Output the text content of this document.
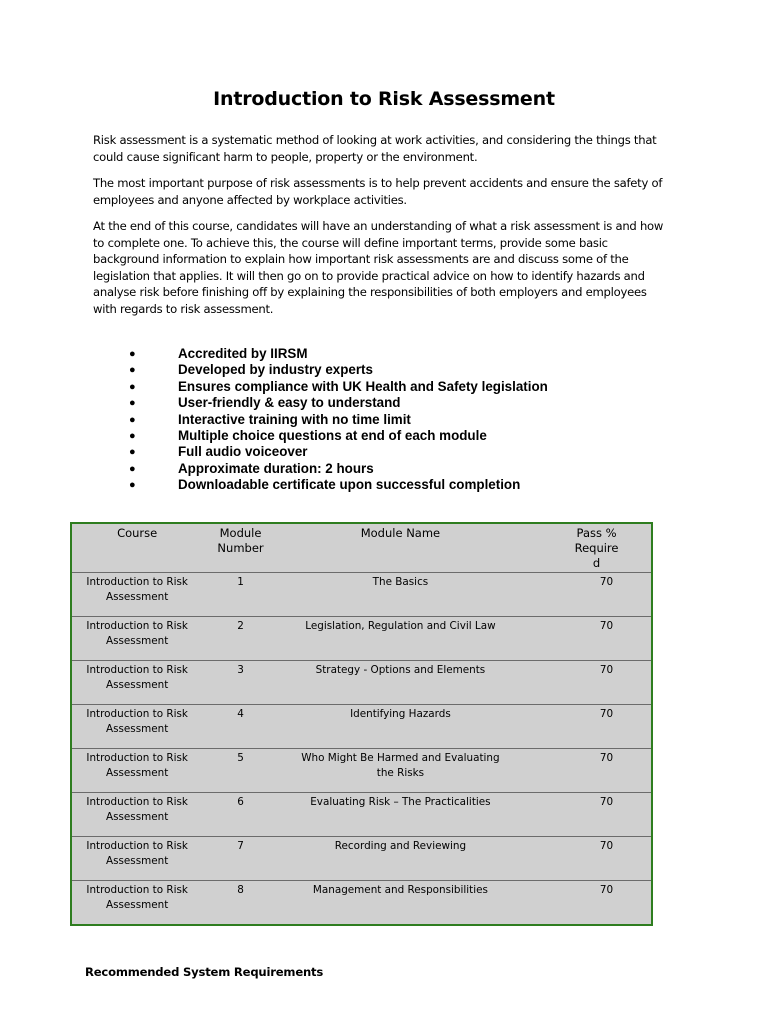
Introduction to Risk Assessment
Risk assessment is a systematic method of looking at work activities, and considering the things that could cause significant harm to people, property or the environment.
The most important purpose of risk assessments is to help prevent accidents and ensure the safety of employees and anyone affected by workplace activities.
At the end of this course, candidates will have an understanding of what a risk assessment is and how to complete one. To achieve this, the course will define important terms, provide some basic background information to explain how important risk assessments are and discuss some of the legislation that applies. It will then go on to provide practical advice on how to identify hazards and analyse risk before finishing off by explaining the responsibilities of both employers and employees with regards to risk assessment.
●	Accredited by IIRSM
●	Developed by industry experts
●	Ensures compliance with UK Health and Safety legislation
●	User-friendly & easy to understand
●	Interactive training with no time limit
●	Multiple choice questions at end of each module
●	Full audio voiceover
●	Approximate duration: 2 hours
●	Downloadable certificate upon successful completion
Course	Module Number	Module Name	Pass % Required
Introduction to Risk Assessment	1	The Basics	70
Introduction to Risk Assessment	2	Legislation, Regulation and Civil Law	70
Introduction to Risk Assessment	3	Strategy - Options and Elements	70
Introduction to Risk Assessment	4	Identifying Hazards	70
Introduction to Risk Assessment	5	Who Might Be Harmed and Evaluating the Risks	70
Introduction to Risk Assessment	6	Evaluating Risk – The Practicalities	70
Introduction to Risk Assessment	7	Recording and Reviewing	70
Introduction to Risk Assessment	8	Management and Responsibilities	70
Recommended System Requirements
